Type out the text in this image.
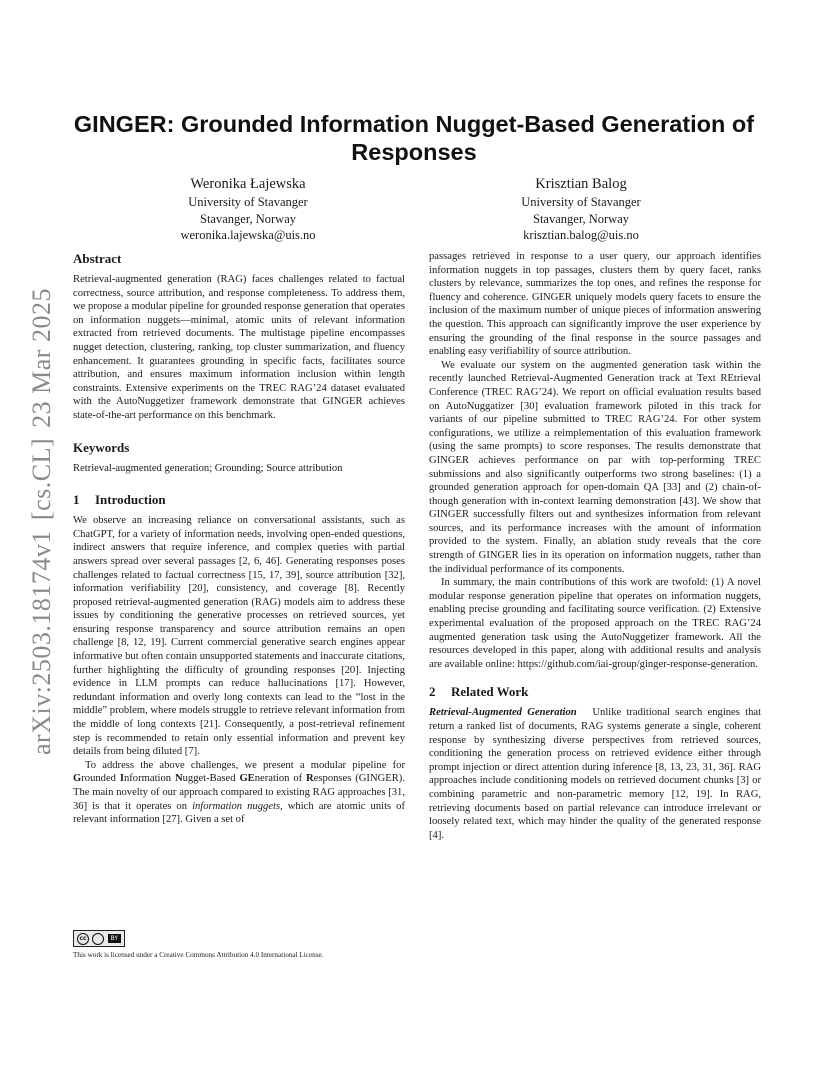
arXiv:2503.18174v1[cs.CL]23 Mar 2025
GINGER: Grounded Information Nugget-Based Generation of Responses
Weronika Łajewska
University of Stavanger
Stavanger, Norway
weronika.lajewska@uis.no
Krisztian Balog
University of Stavanger
Stavanger, Norway
krisztian.balog@uis.no
Abstract

Retrieval-augmented generation (RAG) faces challenges related to factual correctness, source attribution, and response completeness. To address them, we propose a modular pipeline for grounded response generation that operates on information nuggets—minimal, atomic units of relevant information extracted from retrieved documents. The multistage pipeline encompasses nugget detection, clustering, ranking, top cluster summarization, and fluency enhancement. It guarantees grounding in specific facts, facilitates source attribution, and ensures maximum information inclusion within length constraints. Extensive experiments on the TREC RAG’24 dataset evaluated with the AutoNuggetizer framework demonstrate that GINGER achieves state-of-the-art performance on this benchmark.

Keywords

Retrieval-augmented generation; Grounding; Source attribution

1 Introduction

We observe an increasing reliance on conversational assistants, such as ChatGPT, for a variety of information needs, involving open-ended questions, indirect answers that require inference, and complex queries with partial answers spread over several passages [2, 6, 46]. Generating responses poses challenges related to factual correctness [15, 17, 39], source attribution [32], information verifiability [20], consistency, and coverage [8]. Recently proposed retrieval-augmented generation (RAG) models aim to address these issues by conditioning the generative processes on retrieved sources, yet ensuring response transparency and source attribution remains an open challenge [8, 12, 19]. Current commercial generative search engines appear informative but often contain unsupported statements and inaccurate citations, further highlighting the difficulty of grounding responses [20]. Injecting evidence in LLM prompts can reduce hallucinations [17]. However, redundant information and overly long contexts can lead to the “lost in the middle” problem, where models struggle to retrieve relevant information from the middle of long contexts [21]. Consequently, a post-retrieval refinement step is recommended to retain only essential information and prevent key details from being diluted [7].

To address the above challenges, we present a modular pipeline for Grounded Information Nugget-Based GEneration of Responses (GINGER). The main novelty of our approach compared to existing RAG approaches [31, 36] is that it operates on information nuggets, which are atomic units of relevant information [27]. Given a set of

passages retrieved in response to a user query, our approach identifies information nuggets in top passages, clusters them by query facet, ranks clusters by relevance, summarizes the top ones, and refines the response for fluency and coherence. GINGER uniquely models query facets to ensure the inclusion of the maximum number of unique pieces of information answering the question. This approach can significantly improve the user experience by ensuring the grounding of the final response in the source passages and enabling easy verifiability of source attribution.

We evaluate our system on the augmented generation task within the recently launched Retrieval-Augmented Generation track at Text REtrieval Conference (TREC RAG’24). We report on official evaluation results based on AutoNuggatizer [30] evaluation framework piloted in this track for variants of our pipeline submitted to TREC RAG’24. For other system configurations, we utilize a reimplementation of this evaluation framework (using the same prompts) to score responses. The results demonstrate that GINGER achieves performance on par with top-performing TREC submissions and also significantly outperforms two strong baselines: (1) a grounded generation approach for open-domain QA [33] and (2) chain-of-though generation with in-context learning demonstration [43]. We show that GINGER successfully filters out and synthesizes information from relevant sources, and its performance increases with the amount of information provided to the system. Finally, an ablation study reveals that the core strength of GINGER lies in its operation on information nuggets, rather than the individual performance of its components.

In summary, the main contributions of this work are twofold: (1) A novel modular response generation pipeline that operates on information nuggets, enabling precise grounding and facilitating source verification. (2) Extensive experimental evaluation of the proposed approach on the TREC RAG’24 augmented generation task using the AutoNuggetizer framework. All the resources developed in this paper, along with additional results and analysis are available online: https://github.com/iai-group/ginger-response-generation.

2 Related Work

Retrieval-Augmented Generation Unlike traditional search engines that return a ranked list of documents, RAG systems generate a single, coherent response by synthesizing diverse perspectives from retrieved sources, conditioning the generation process on retrieved evidence either through prompt injection or direct attention during inference [8, 13, 23, 31, 36]. RAG approaches include conditioning models on retrieved document chunks [3] or combining parametric and non-parametric memory [12, 19]. In RAG, retrieving documents based on partial relevance can introduce irrelevant or loosely related text, which may hinder the quality of the generated response [4].

cc	BY
This work is licensed under a Creative Commons Attribution 4.0 International License.
